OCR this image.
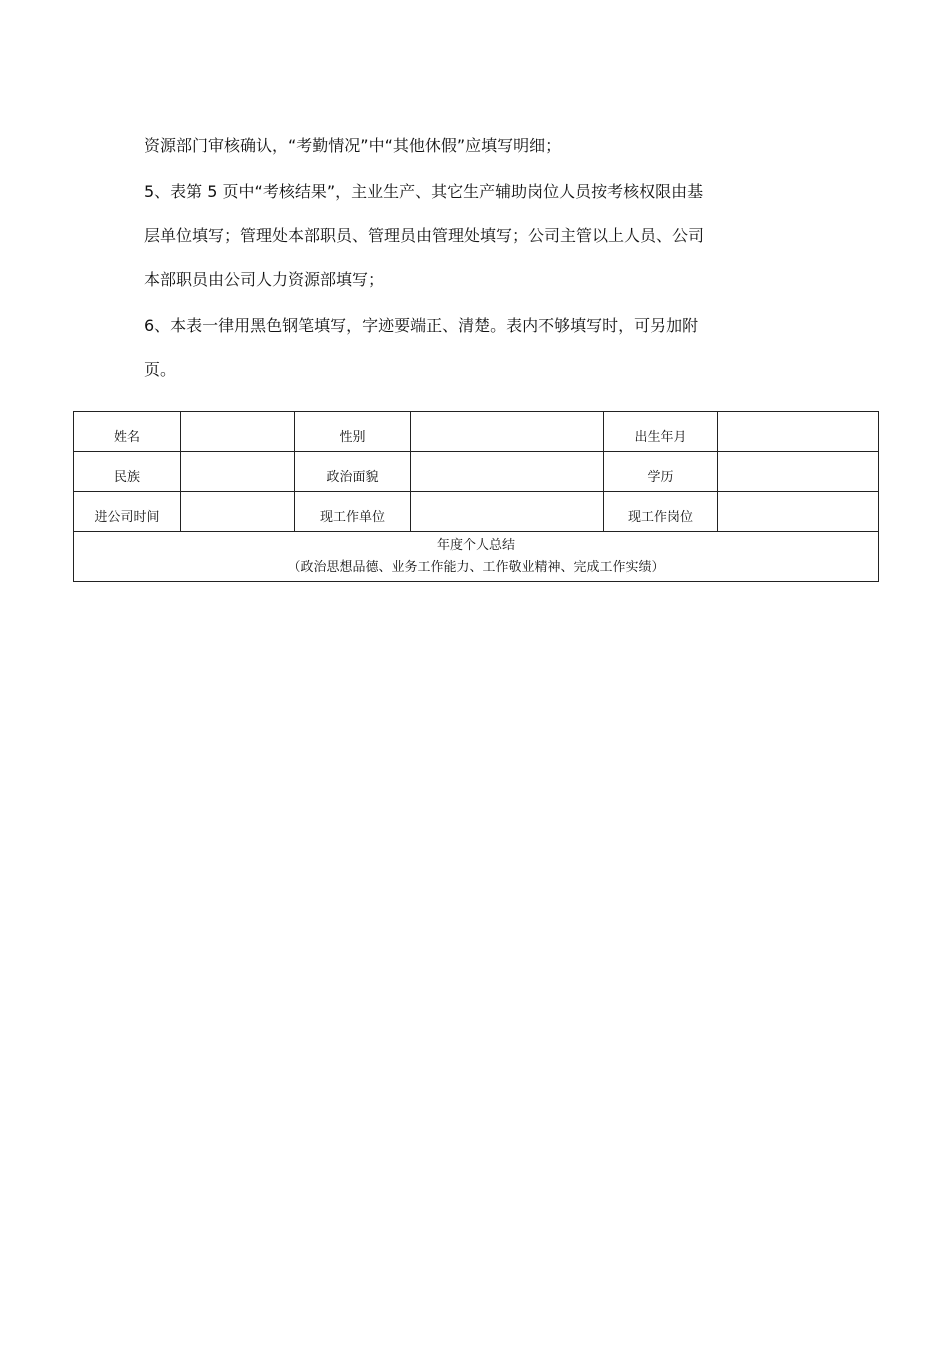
资源部门审核确认，“考勤情况”中“其他休假”应填写明细；
5、表第 5 页中“考核结果”，主业生产、其它生产辅助岗位人员按考核权限由基
层单位填写；管理处本部职员、管理员由管理处填写；公司主管以上人员、公司
本部职员由公司人力资源部填写；
6、本表一律用黑色钢笔填写，字迹要端正、清楚。表内不够填写时，可另加附
页。
姓名		性别		出生年月	
民族		政治面貌		学历	
进公司时间		现工作单位		现工作岗位	

年度个人总结
（政治思想品德、业务工作能力、工作敬业精神、完成工作实绩）					
